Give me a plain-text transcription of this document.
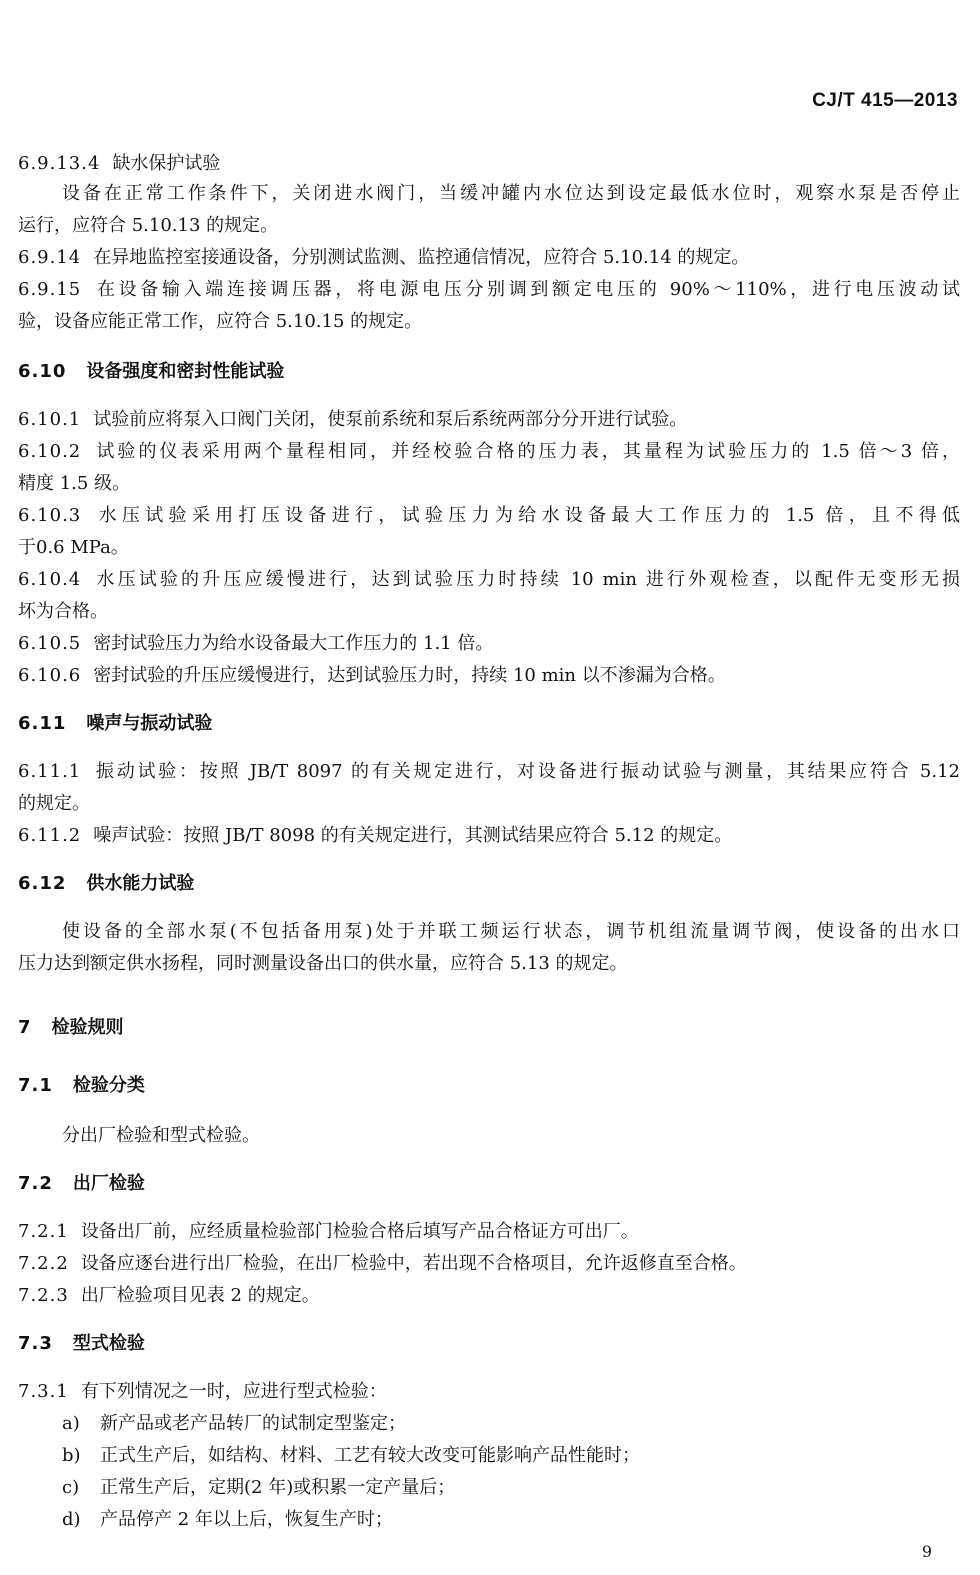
CJ/T 415—2013
6.9.13.4 缺水保护试验
设备在正常工作条件下，关闭进水阀门，当缓冲罐内水位达到设定最低水位时，观察水泵是否停止
运行，应符合 5.10.13 的规定。
6.9.14 在异地监控室接通设备，分别测试监测、监控通信情况，应符合 5.10.14 的规定。
6.9.15 在设备输入端连接调压器，将电源电压分别调到额定电压的 90%～110%，进行电压波动试
验，设备应能正常工作，应符合 5.10.15 的规定。
6.10 设备强度和密封性能试验
6.10.1 试验前应将泵入口阀门关闭，使泵前系统和泵后系统两部分分开进行试验。
6.10.2 试验的仪表采用两个量程相同，并经校验合格的压力表，其量程为试验压力的 1.5 倍～3 倍，
精度 1.5 级。
6.10.3 水压试验采用打压设备进行，试验压力为给水设备最大工作压力的 1.5 倍，且不得低
于0.6 MPa。
6.10.4 水压试验的升压应缓慢进行，达到试验压力时持续 10 min 进行外观检查，以配件无变形无损
坏为合格。
6.10.5 密封试验压力为给水设备最大工作压力的 1.1 倍。
6.10.6 密封试验的升压应缓慢进行，达到试验压力时，持续 10 min 以不渗漏为合格。
6.11 噪声与振动试验
6.11.1 振动试验：按照 JB/T 8097 的有关规定进行，对设备进行振动试验与测量，其结果应符合 5.12
的规定。
6.11.2 噪声试验：按照 JB/T 8098 的有关规定进行，其测试结果应符合 5.12 的规定。
6.12 供水能力试验
使设备的全部水泵(不包括备用泵)处于并联工频运行状态，调节机组流量调节阀，使设备的出水口
压力达到额定供水扬程，同时测量设备出口的供水量，应符合 5.13 的规定。
7 检验规则
7.1 检验分类
分出厂检验和型式检验。
7.2 出厂检验
7.2.1 设备出厂前，应经质量检验部门检验合格后填写产品合格证方可出厂。
7.2.2 设备应逐台进行出厂检验，在出厂检验中，若出现不合格项目，允许返修直至合格。
7.2.3 出厂检验项目见表 2 的规定。
7.3 型式检验
7.3.1 有下列情况之一时，应进行型式检验：
a) 新产品或老产品转厂的试制定型鉴定；
b) 正式生产后，如结构、材料、工艺有较大改变可能影响产品性能时；
c) 正常生产后，定期(2 年)或积累一定产量后；
d) 产品停产 2 年以上后，恢复生产时；
9
